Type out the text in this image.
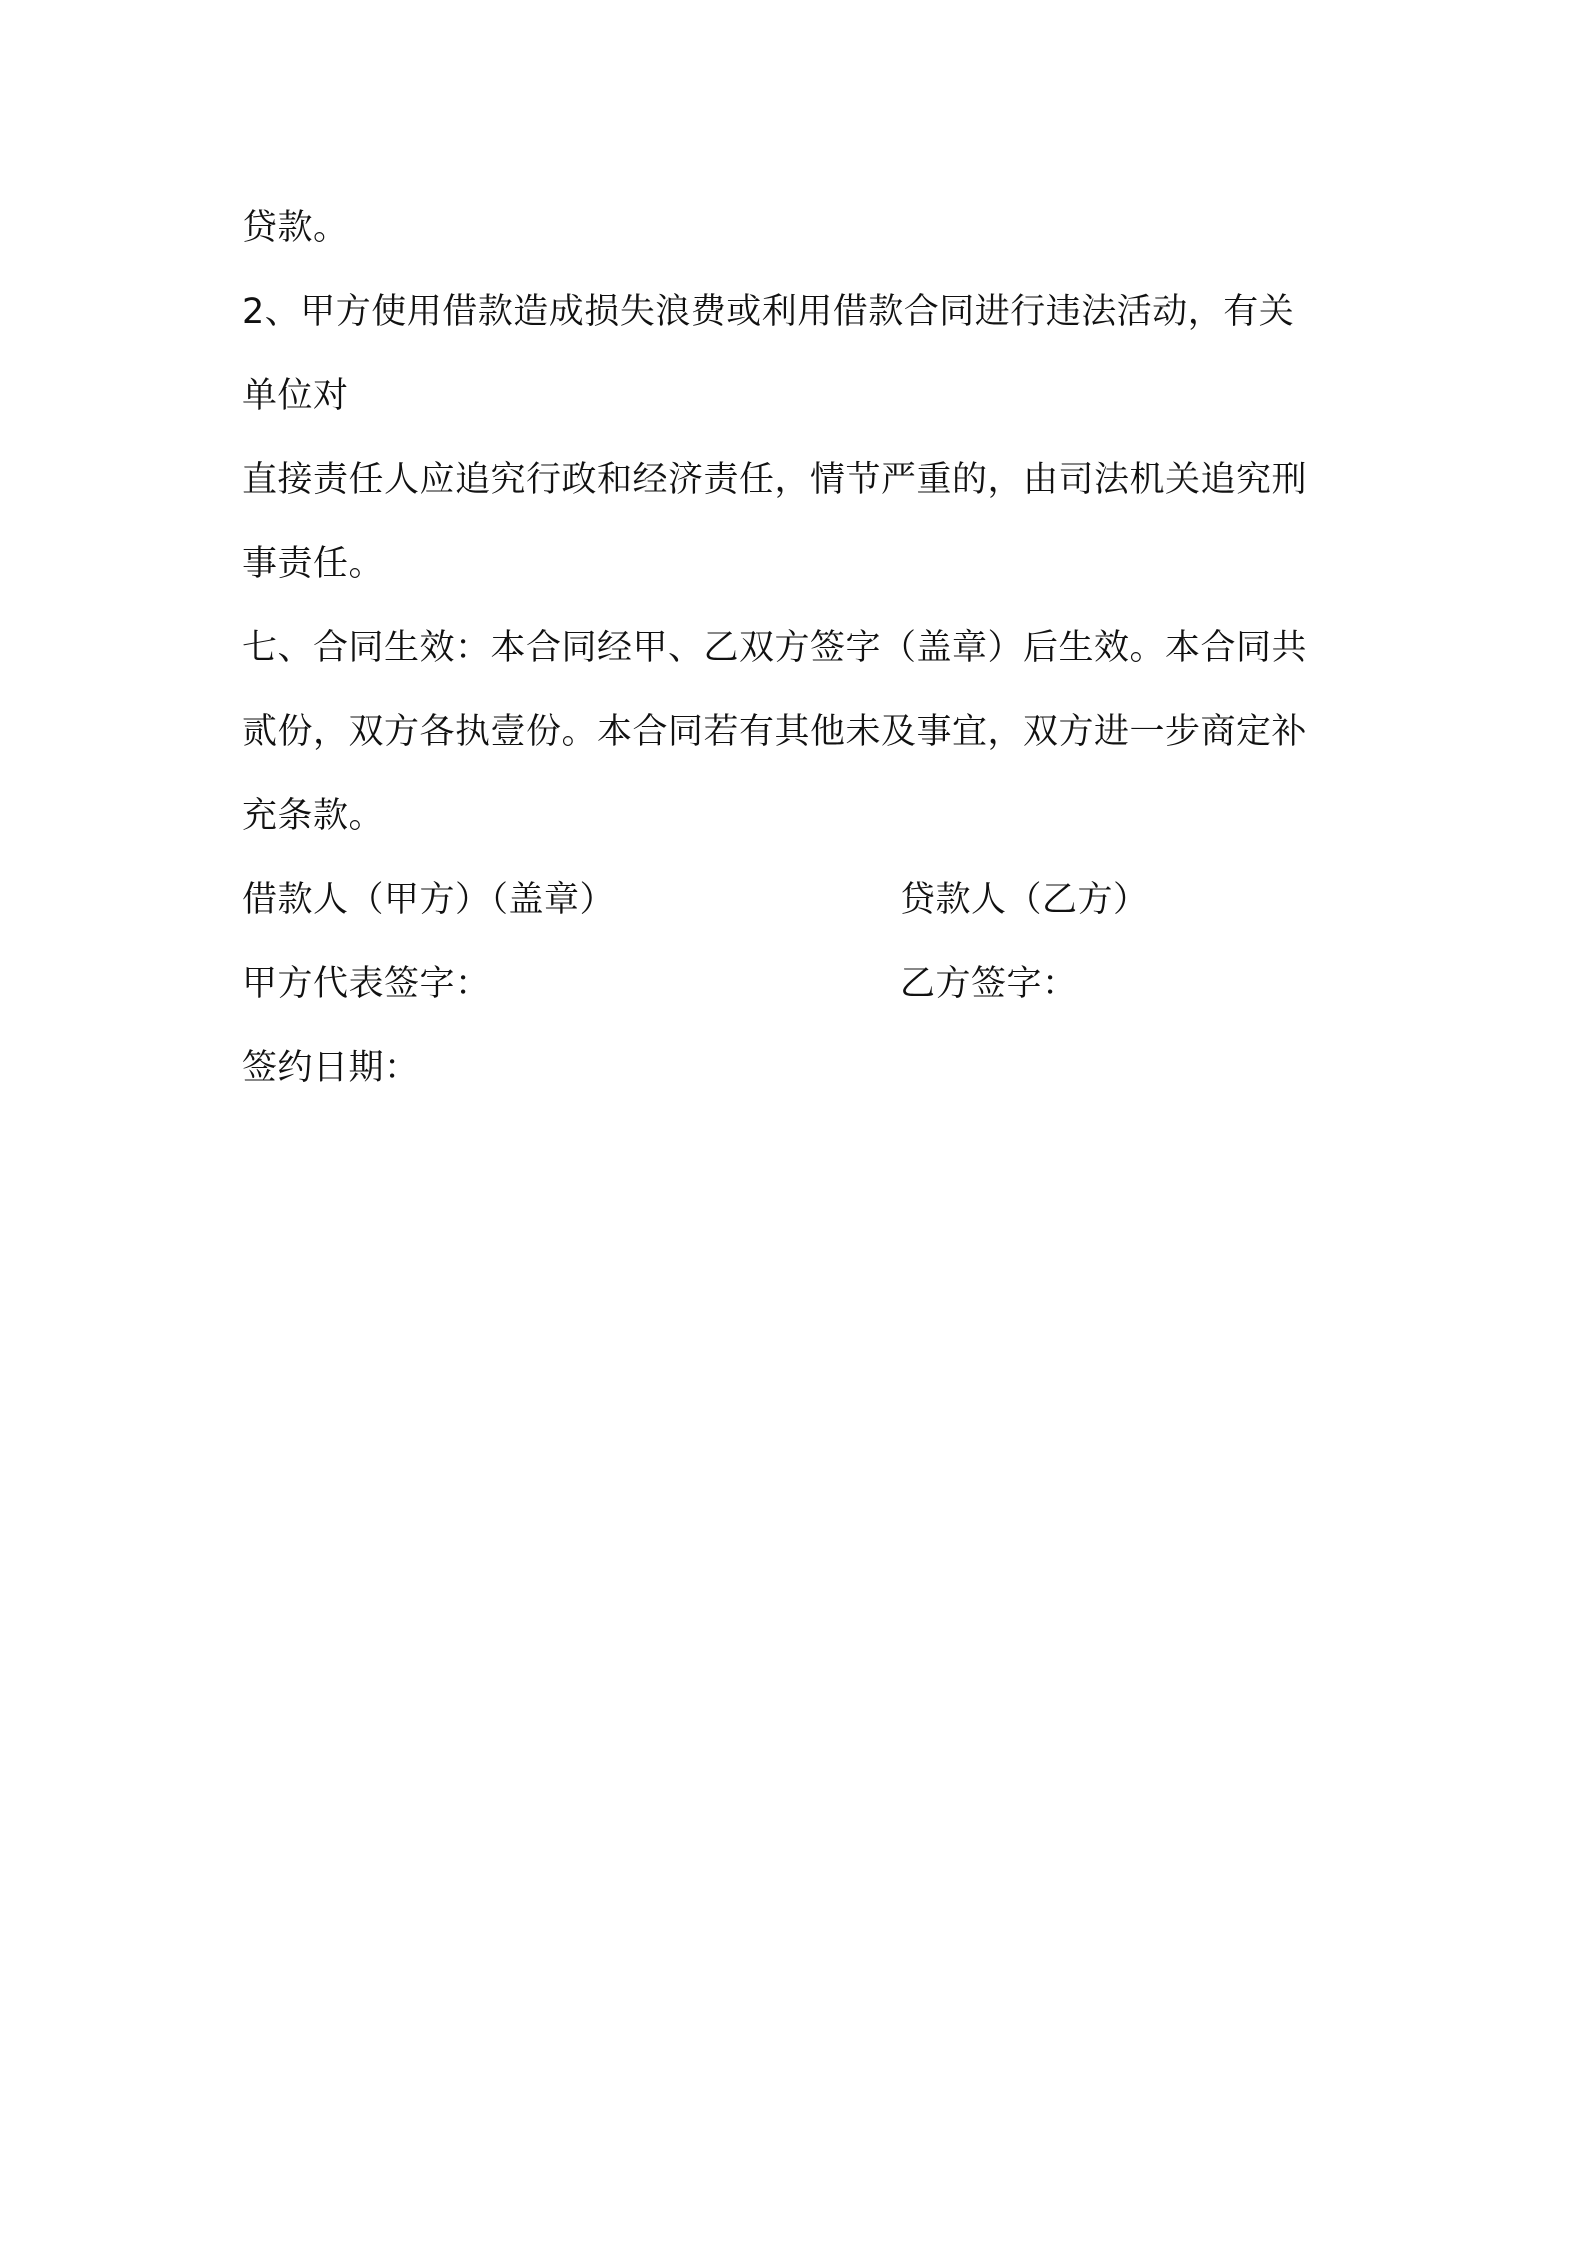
贷款。
2、甲方使用借款造成损失浪费或利用借款合同进行违法活动，有关
单位对
直接责任人应追究行政和经济责任，情节严重的，由司法机关追究刑
事责任。
七、合同生效：本合同经甲、乙双方签字（盖章）后生效。本合同共
贰份，双方各执壹份。本合同若有其他未及事宜，双方进一步商定补
充条款。
借款人（甲方）（盖章）	贷款人（乙方）
甲方代表签字：	乙方签字：
签约日期：
